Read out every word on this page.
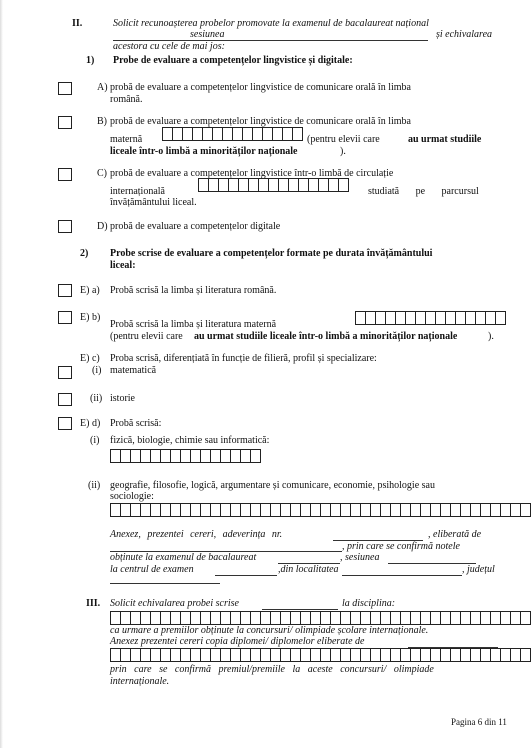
II.	Solicit recunoașterea probelor promovate la examenul de bacalaureat național
sesiunea	și echivalarea
acestora cu cele de mai jos:
1) Probe de evaluare a competențelor lingvistice și digitale:
A) probă de evaluare a competențelor lingvistice de comunicare orală în limba
română.
B) probă de evaluare a competențelor lingvistice de comunicare orală în limba
maternă	(pentru elevii care	au urmat studiile
liceale într-o limbă a minorităților naționale	).
C) probă de evaluare a competențelor lingvistice într-o limbă de circulație
internațională	studiată pe parcursul
învățământului liceal.
D) probă de evaluare a competențelor digitale
2) Probe scrise de evaluare a competențelor formate pe durata învățământului
liceal:
E) a) Probă scrisă la limba și literatura română.
E) b)
Probă scrisă la limba și literatura maternă
(pentru elevii care au urmat studiile liceale într-o limbă a minorităților naționale	).
E) c) Proba scrisă, diferențiată în funcție de filieră, profil și specializare:
(i) matematică
(ii) istorie
E) d) Probă scrisă:
(i) fizică, biologie, chimie sau informatică:
(ii) geografie, filosofie, logică, argumentare și comunicare, economie, psihologie sau
sociologie:
Anexez, prezentei cereri, adeverința nr.	, eliberată de
, prin care se confirmă notele
obținute la examenul de bacalaureat	, sesiunea
la centrul de examen	,din localitatea	, județul
III. Solicit echivalarea probei scrise	la disciplina:
ca urmare a premiilor obținute la concursuri/ olimpiade școlare internaționale.
Anexez prezentei cereri copia diplomei/ diplomelor eliberate de
prin care se confirmă premiul/premiile la aceste concursuri/ olimpiade
internaționale.
Pagina 6 din 11
